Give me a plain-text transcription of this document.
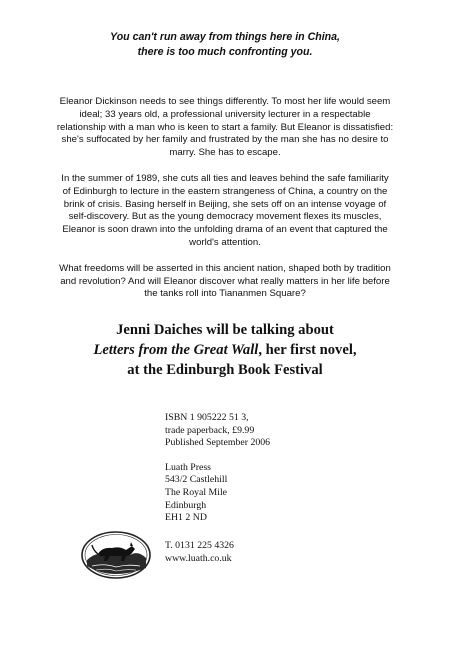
You can't run away from things here in China,
there is too much confronting you.

Eleanor Dickinson needs to see things differently. To most her life would seem ideal; 33 years old, a professional university lecturer in a respectable relationship with a man who is keen to start a family. But Eleanor is dissatisfied: she's suffocated by her family and frustrated by the man she has no desire to marry. She has to escape.

In the summer of 1989, she cuts all ties and leaves behind the safe familiarity of Edinburgh to lecture in the eastern strangeness of China, a country on the brink of crisis. Basing herself in Beijing, she sets off on an intense voyage of self-discovery. But as the young democracy movement flexes its muscles, Eleanor is soon drawn into the unfolding drama of an event that captured the world's attention.

What freedoms will be asserted in this ancient nation, shaped both by tradition and revolution? And will Eleanor discover what really matters in her life before the tanks roll into Tiananmen Square?

Jenni Daiches will be talking about
Letters from the Great Wall, her first novel,
at the Edinburgh Book Festival
ISBN 1 905222 51 3,
trade paperback, £9.99
Published September 2006
Luath Press
543/2 Castlehill
The Royal Mile
Edinburgh
EH1 2 ND
T. 0131 225 4326
www.luath.co.uk
